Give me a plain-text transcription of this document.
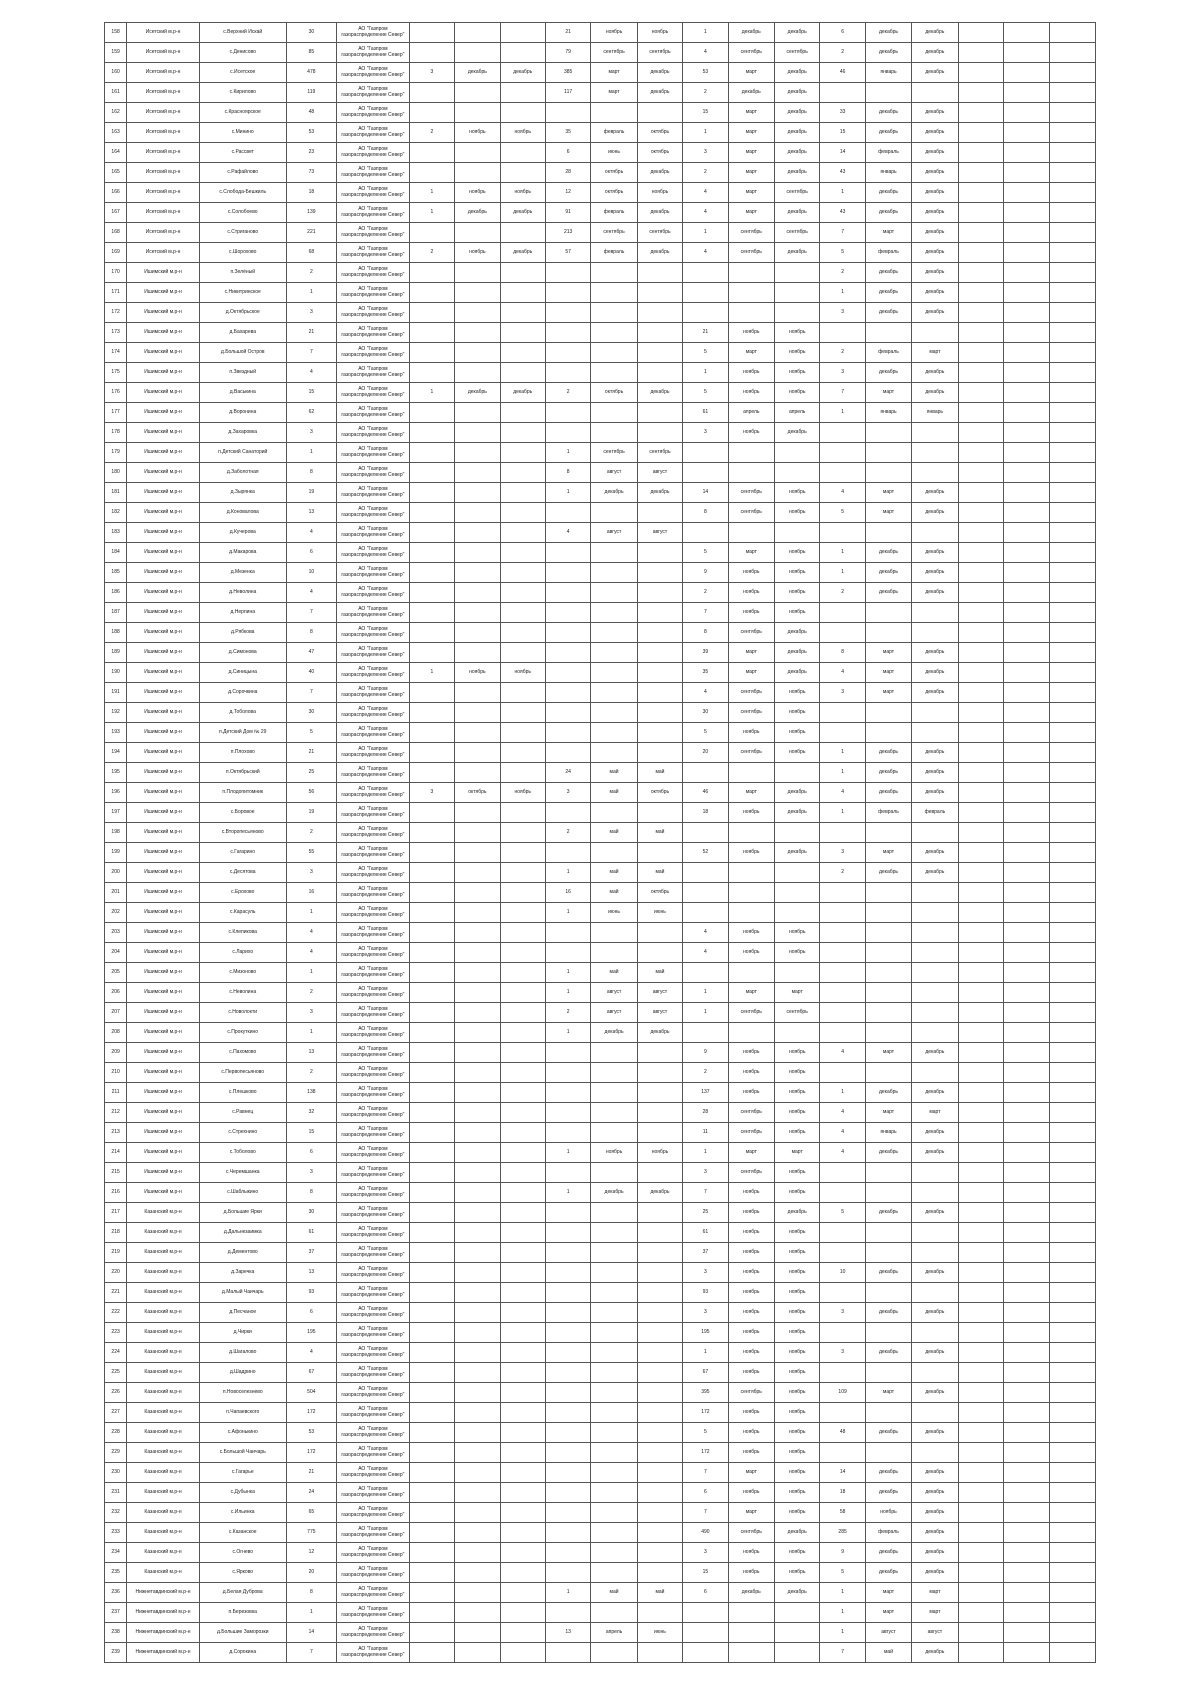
158	Исетский м.р-н	с.Верхний Искай	30	АО "Газпром газораспределение Север"				21	ноябрь	ноябрь	1	декабрь	декабрь	6	декабрь	декабрь			
159	Исетский м.р-н	с.Денисово	85	АО "Газпром газораспределение Север"				79	сентябрь	сентябрь	4	сентябрь	сентябрь	2	декабрь	декабрь			
160	Исетский м.р-н	с.Исетское	478	АО "Газпром газораспределение Север"	3	декабрь	декабрь	385	март	декабрь	53	март	декабрь	46	январь	декабрь			
161	Исетский м.р-н	с.Кирилово	119	АО "Газпром газораспределение Север"				117	март	декабрь	2	декабрь	декабрь						
162	Исетский м.р-н	с.Красноярское	48	АО "Газпром газораспределение Север"							15	март	декабрь	33	декабрь	декабрь			
163	Исетский м.р-н	с.Минино	53	АО "Газпром газораспределение Север"	2	ноябрь	ноябрь	35	февраль	октябрь	1	март	декабрь	15	декабрь	декабрь			
164	Исетский м.р-н	с.Рассвет	23	АО "Газпром газораспределение Север"				6	июнь	октябрь	3	март	декабрь	14	февраль	декабрь			
165	Исетский м.р-н	с.Рафайлово	73	АО "Газпром газораспределение Север"				28	октябрь	декабрь	2	март	декабрь	43	январь	декабрь			
166	Исетский м.р-н	с.Слобода-Бешкиль	18	АО "Газпром газораспределение Север"	1	ноябрь	ноябрь	12	октябрь	ноябрь	4	март	сентябрь	1	декабрь	декабрь			
167	Исетский м.р-н	с.Солобоево	139	АО "Газпром газораспределение Север"	1	декабрь	декабрь	91	февраль	декабрь	4	март	декабрь	43	декабрь	декабрь			
168	Исетский м.р-н	с.Стриганово	221	АО "Газпром газораспределение Север"				213	сентябрь	сентябрь	1	сентябрь	сентябрь	7	март	декабрь			
169	Исетский м.р-н	с.Шорохово	68	АО "Газпром газораспределение Север"	2	ноябрь	декабрь	57	февраль	декабрь	4	сентябрь	декабрь	5	февраль	декабрь			
170	Ишимский м.р-н	п.Зелёный	2	АО "Газпром газораспределение Север"										2	декабрь	декабрь			
171	Ишимский м.р-н	с.Никитринское	1	АО "Газпром газораспределение Север"										1	декабрь	декабрь			
172	Ишимский м.р-н	д.Октябрьское	3	АО "Газпром газораспределение Север"										3	декабрь	декабрь			
173	Ишимский м.р-н	д.Бахарева	21	АО "Газпром газораспределение Север"							21	ноябрь	ноябрь						
174	Ишимский м.р-н	д.Большой Остров	7	АО "Газпром газораспределение Север"							5	март	ноябрь	2	февраль	март			
175	Ишимский м.р-н	п.Звездный	4	АО "Газпром газораспределение Север"							1	ноябрь	ноябрь	3	декабрь	декабрь			
176	Ишимский м.р-н	д.Васькина	15	АО "Газпром газораспределение Север"	1	декабрь	декабрь	2	октябрь	декабрь	5	ноябрь	ноябрь	7	март	декабрь			
177	Ишимский м.р-н	д.Воронина	62	АО "Газпром газораспределение Север"							61	апрель	апрель	1	январь	январь			
178	Ишимский м.р-н	д.Захаровка	3	АО "Газпром газораспределение Север"							3	ноябрь	декабрь						
179	Ишимский м.р-н	п.Детский Санаторий	1	АО "Газпром газораспределение Север"				1	сентябрь	сентябрь									
180	Ишимский м.р-н	д.Заболотная	8	АО "Газпром газораспределение Север"				8	август	август									
181	Ишимский м.р-н	д.Зырянка	19	АО "Газпром газораспределение Север"				1	декабрь	декабрь	14	сентябрь	ноябрь	4	март	декабрь			
182	Ишимский м.р-н	д.Коновалова	13	АО "Газпром газораспределение Север"							8	сентябрь	ноябрь	5	март	декабрь			
183	Ишимский м.р-н	д.Кучерова	4	АО "Газпром газораспределение Север"				4	август	август									
184	Ишимский м.р-н	д.Макарова	6	АО "Газпром газораспределение Север"							5	март	ноябрь	1	декабрь	декабрь			
185	Ишимский м.р-н	д.Мезенка	10	АО "Газпром газораспределение Север"							9	ноябрь	ноябрь	1	декабрь	декабрь			
186	Ишимский м.р-н	д.Неволина	4	АО "Газпром газораспределение Север"							2	ноябрь	ноябрь	2	декабрь	декабрь			
187	Ишимский м.р-н	д.Нерпина	7	АО "Газпром газораспределение Север"							7	ноябрь	ноябрь						
188	Ишимский м.р-н	д.Рябкова	8	АО "Газпром газораспределение Север"							8	сентябрь	декабрь						
189	Ишимский м.р-н	д.Симонова	47	АО "Газпром газораспределение Север"							39	март	декабрь	8	март	декабрь			
190	Ишимский м.р-н	д.Синицына	40	АО "Газпром газораспределение Север"	1	ноябрь	ноябрь				35	март	декабрь	4	март	декабрь			
191	Ишимский м.р-н	д.Сорочкина	7	АО "Газпром газораспределение Север"							4	сентябрь	ноябрь	3	март	декабрь			
192	Ишимский м.р-н	д.Тоболова	30	АО "Газпром газораспределение Север"							30	сентябрь	ноябрь						
193	Ишимский м.р-н	п.Детский Дом № 29	5	АО "Газпром газораспределение Север"							5	ноябрь	ноябрь						
194	Ишимский м.р-н	п.Плохово	21	АО "Газпром газораспределение Север"							20	сентябрь	ноябрь	1	декабрь	декабрь			
195	Ишимский м.р-н	п.Октябрьский	25	АО "Газпром газораспределение Север"				24	май	май				1	декабрь	декабрь			
196	Ишимский м.р-н	п.Плодопитомник	56	АО "Газпром газораспределение Север"	3	октябрь	ноябрь	3	май	октябрь	46	март	декабрь	4	декабрь	декабрь			
197	Ишимский м.р-н	с.Боровое	19	АО "Газпром газораспределение Север"							18	ноябрь	декабрь	1	февраль	февраль			
198	Ишимский м.р-н	с.Второпесьяново	2	АО "Газпром газораспределение Север"				2	май	май									
199	Ишимский м.р-н	с.Гагарино	55	АО "Газпром газораспределение Север"							52	ноябрь	декабрь	3	март	декабрь			
200	Ишимский м.р-н	с.Десятова	3	АО "Газпром газораспределение Север"				1	май	май				2	декабрь	декабрь			
201	Ишимский м.р-н	с.Ерохово	16	АО "Газпром газораспределение Север"				16	май	октябрь									
202	Ишимский м.р-н	с.Карасуль	1	АО "Газпром газораспределение Север"				1	июнь	июнь									
203	Ишимский м.р-н	с.Клепикова	4	АО "Газпром газораспределение Север"							4	ноябрь	ноябрь						
204	Ишимский м.р-н	с.Ларихо	4	АО "Газпром газораспределение Север"							4	ноябрь	ноябрь						
205	Ишимский м.р-н	с.Мизоново	1	АО "Газпром газораспределение Север"				1	май	май									
206	Ишимский м.р-н	с.Неволина	2	АО "Газпром газораспределение Север"				1	август	август	1	март	март						
207	Ишимский м.р-н	с.Новолокти	3	АО "Газпром газораспределение Север"				2	август	август	1	сентябрь	сентябрь						
208	Ишимский м.р-н	с.Прокуткино	1	АО "Газпром газораспределение Север"				1	декабрь	декабрь									
209	Ишимский м.р-н	с.Пахомово	13	АО "Газпром газораспределение Север"							9	ноябрь	ноябрь	4	март	декабрь			
210	Ишимский м.р-н	с.Первопесьяново	2	АО "Газпром газораспределение Север"							2	ноябрь	ноябрь						
211	Ишимский м.р-н	с.Плешково	138	АО "Газпром газораспределение Север"							137	ноябрь	ноябрь	1	декабрь	декабрь			
212	Ишимский м.р-н	с.Равнец	32	АО "Газпром газораспределение Север"							28	сентябрь	ноябрь	4	март	март			
213	Ишимский м.р-н	с.Стрехнино	15	АО "Газпром газораспределение Север"							11	сентябрь	ноябрь	4	январь	декабрь			
214	Ишимский м.р-н	с.Тоболово	6	АО "Газпром газораспределение Север"				1	ноябрь	ноябрь	1	март	март	4	декабрь	декабрь			
215	Ишимский м.р-н	с.Черемшанка	3	АО "Газпром газораспределение Север"							3	сентябрь	ноябрь						
216	Ишимский м.р-н	с.Шаблыкино	8	АО "Газпром газораспределение Север"				1	декабрь	декабрь	7	ноябрь	ноябрь						
217	Казанский м.р-н	д.Большие Ярки	30	АО "Газпром газораспределение Север"							25	ноябрь	декабрь	5	декабрь	декабрь			
218	Казанский м.р-н	д.Дальнезаимка	61	АО "Газпром газораспределение Север"							61	ноябрь	ноябрь						
219	Казанский м.р-н	д.Дементово	37	АО "Газпром газораспределение Север"							37	ноябрь	ноябрь						
220	Казанский м.р-н	д.Заречка	13	АО "Газпром газораспределение Север"							3	ноябрь	ноябрь	10	декабрь	декабрь			
221	Казанский м.р-н	д.Малый Чаичарь	93	АО "Газпром газораспределение Север"							93	ноябрь	ноябрь						
222	Казанский м.р-н	д.Песчаное	6	АО "Газпром газораспределение Север"							3	ноябрь	ноябрь	3	декабрь	декабрь			
223	Казанский м.р-н	д.Чирки	195	АО "Газпром газораспределение Север"							195	ноябрь	ноябрь						
224	Казанский м.р-н	д.Шагалово	4	АО "Газпром газораспределение Север"							1	ноябрь	ноябрь	3	декабрь	декабрь			
225	Казанский м.р-н	д.Шадрино	67	АО "Газпром газораспределение Север"							67	ноябрь	ноябрь						
226	Казанский м.р-н	п.Новоселезнево	504	АО "Газпром газораспределение Север"							395	сентябрь	ноябрь	109	март	декабрь			
227	Казанский м.р-н	п.Чапаевского	172	АО "Газпром газораспределение Север"							172	ноябрь	ноябрь						
228	Казанский м.р-н	с.Афонькино	53	АО "Газпром газораспределение Север"							5	ноябрь	ноябрь	48	декабрь	декабрь			
229	Казанский м.р-н	с.Большой Чаичарь	172	АО "Газпром газораспределение Север"							172	ноябрь	ноябрь						
230	Казанский м.р-н	с.Гагарье	21	АО "Газпром газораспределение Север"							7	март	ноябрь	14	декабрь	декабрь			
231	Казанский м.р-н	с.Дубынка	24	АО "Газпром газораспределение Север"							6	ноябрь	ноябрь	18	декабрь	декабрь			
232	Казанский м.р-н	с.Ильинка	65	АО "Газпром газораспределение Север"							7	март	ноябрь	58	ноябрь	декабрь			
233	Казанский м.р-н	с.Казанское	775	АО "Газпром газораспределение Север"							490	сентябрь	декабрь	285	февраль	декабрь			
234	Казанский м.р-н	с.Огнево	12	АО "Газпром газораспределение Север"							3	ноябрь	ноябрь	9	декабрь	декабрь			
235	Казанский м.р-н	с.Ярково	20	АО "Газпром газораспределение Север"							15	ноябрь	ноябрь	5	декабрь	декабрь			
236	Нижнетавдинский м.р-н	д.Белая Дуброва	8	АО "Газпром газораспределение Север"				1	май	май	6	декабрь	декабрь	1	март	март			
237	Нижнетавдинский м.р-н	п.Березовка	1	АО "Газпром газораспределение Север"										1	март	март			
238	Нижнетавдинский м.р-н	д.Большие Заморозки	14	АО "Газпром газораспределение Север"				13	апрель	июнь				1	август	август			
239	Нижнетавдинский м.р-н	д.Сорокина	7	АО "Газпром газораспределение Север"										7	май	декабрь			
